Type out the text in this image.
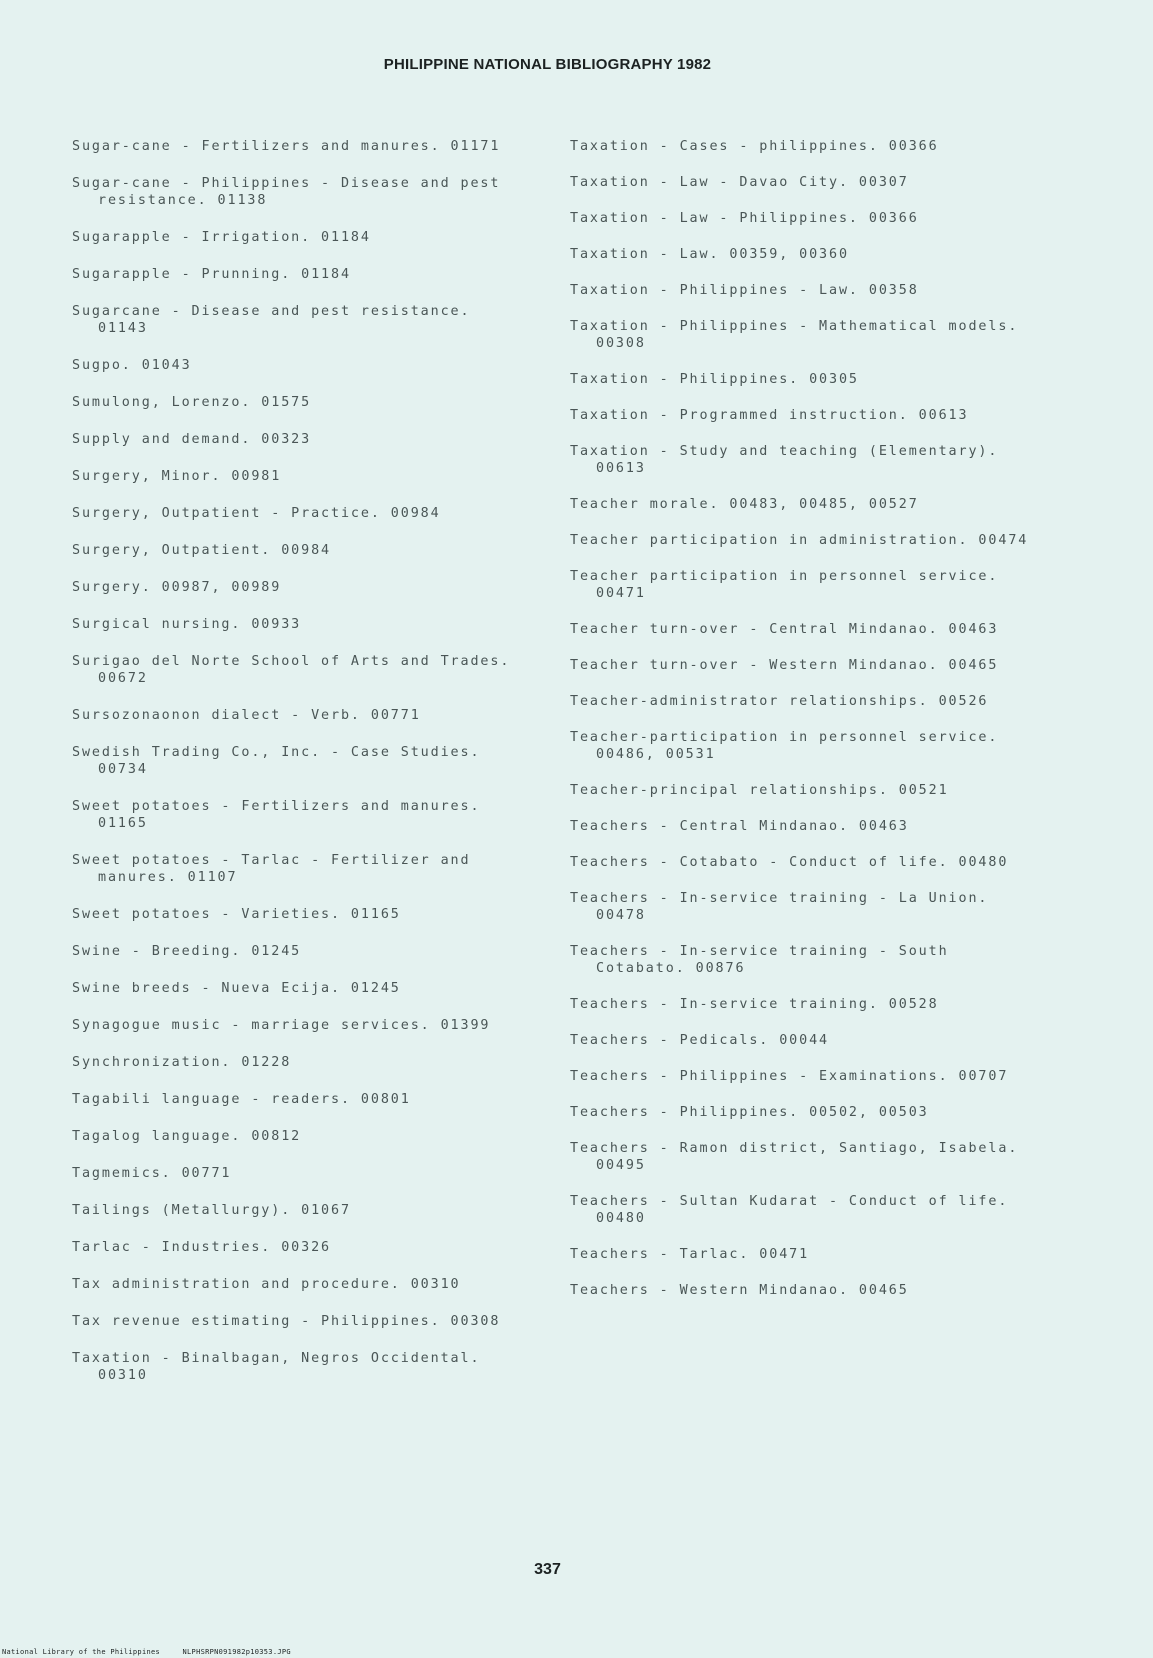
PHILIPPINE NATIONAL BIBLIOGRAPHY 1982
Sugar-cane - Fertilizers and manures. 01171
Sugar-cane - Philippines - Disease and pest resistance. 01138
Sugarapple - Irrigation. 01184
Sugarapple - Prunning. 01184
Sugarcane - Disease and pest resistance. 01143
Sugpo. 01043
Sumulong, Lorenzo. 01575
Supply and demand. 00323
Surgery, Minor. 00981
Surgery, Outpatient - Practice. 00984
Surgery, Outpatient. 00984
Surgery. 00987, 00989
Surgical nursing. 00933
Surigao del Norte School of Arts and Trades. 00672
Sursozonaonon dialect - Verb. 00771
Swedish Trading Co., Inc. - Case Studies. 00734
Sweet potatoes - Fertilizers and manures. 01165
Sweet potatoes - Tarlac - Fertilizer and manures. 01107
Sweet potatoes - Varieties. 01165
Swine - Breeding. 01245
Swine breeds - Nueva Ecija. 01245
Synagogue music - marriage services. 01399
Synchronization. 01228
Tagabili language - readers. 00801
Tagalog language. 00812
Tagmemics. 00771
Tailings (Metallurgy). 01067
Tarlac - Industries. 00326
Tax administration and procedure. 00310
Tax revenue estimating - Philippines. 00308
Taxation - Binalbagan, Negros Occidental. 00310
Taxation - Cases - philippines. 00366
Taxation - Law - Davao City. 00307
Taxation - Law - Philippines. 00366
Taxation - Law. 00359, 00360
Taxation - Philippines - Law. 00358
Taxation - Philippines - Mathematical models. 00308
Taxation - Philippines. 00305
Taxation - Programmed instruction. 00613
Taxation - Study and teaching (Elementary). 00613
Teacher morale. 00483, 00485, 00527
Teacher participation in administration. 00474
Teacher participation in personnel service. 00471
Teacher turn-over - Central Mindanao. 00463
Teacher turn-over - Western Mindanao. 00465
Teacher-administrator relationships. 00526
Teacher-participation in personnel service. 00486, 00531
Teacher-principal relationships. 00521
Teachers - Central Mindanao. 00463
Teachers - Cotabato - Conduct of life. 00480
Teachers - In-service training - La Union. 00478
Teachers - In-service training - South Cotabato. 00876
Teachers - In-service training. 00528
Teachers - Pedicals. 00044
Teachers - Philippines - Examinations. 00707
Teachers - Philippines. 00502, 00503
Teachers - Ramon district, Santiago, Isabela. 00495
Teachers - Sultan Kudarat - Conduct of life. 00480
Teachers - Tarlac. 00471
Teachers - Western Mindanao. 00465
337
National Library of the Philippines	NLPHSRPN091982p10353.JPG
